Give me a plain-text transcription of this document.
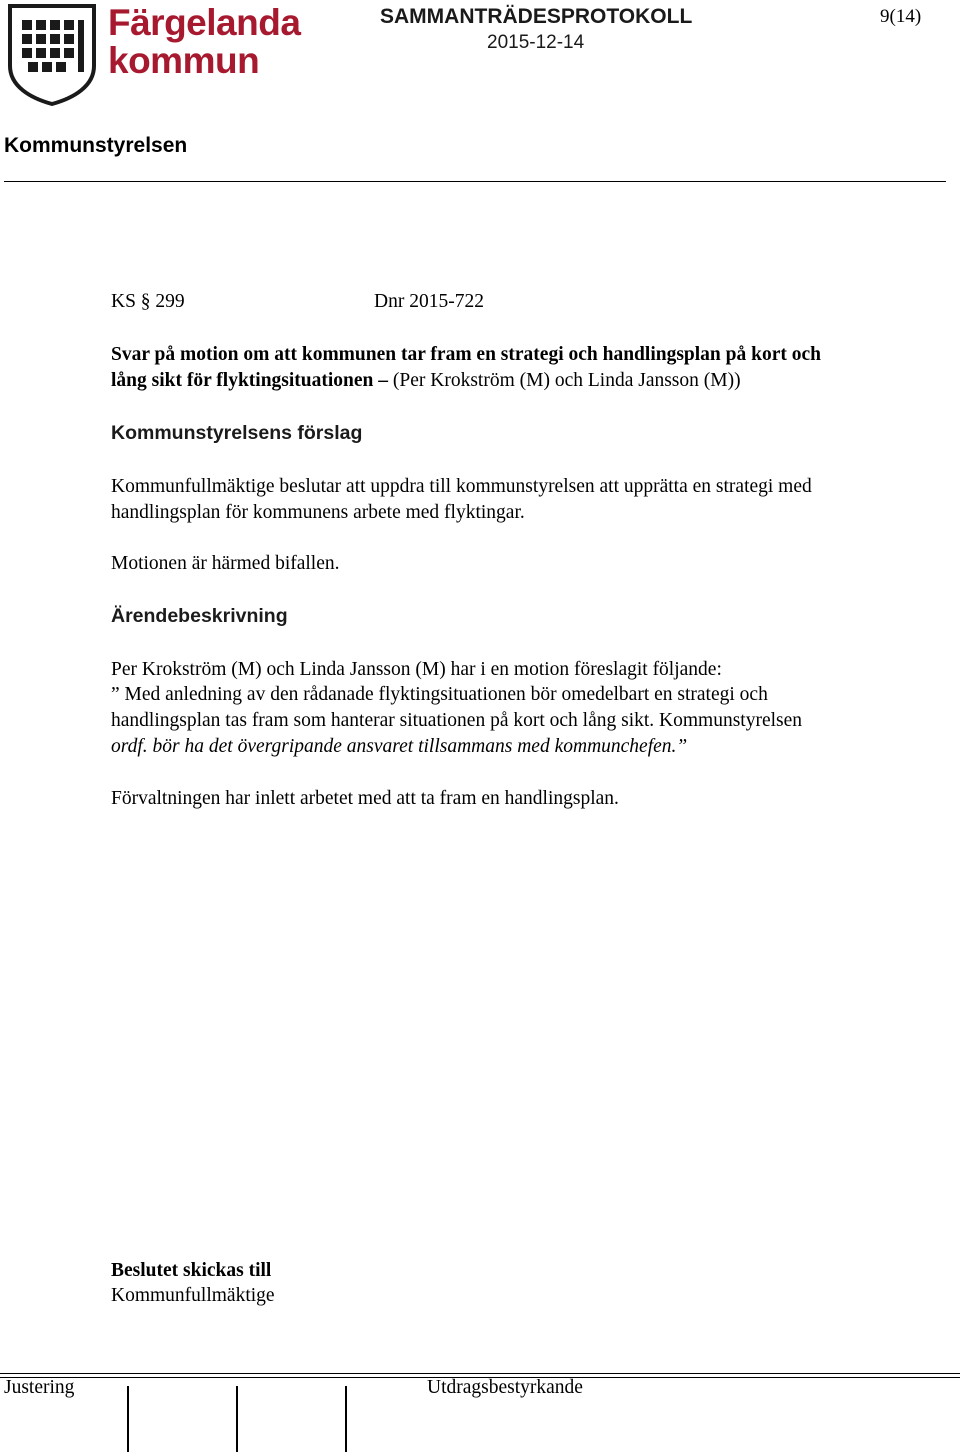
Färgelanda
kommun
SAMMANTRÄDESPROTOKOLL
2015-12-14
9(14)
Kommunstyrelsen
KS § 299	Dnr 2015-722
Svar på motion om att kommunen tar fram en strategi och handlingsplan på kort och
lång sikt för flyktingsituationen – (Per Krokström (M) och Linda Jansson (M))
Kommunstyrelsens förslag
Kommunfullmäktige beslutar att uppdra till kommunstyrelsen att upprätta en strategi med
handlingsplan för kommunens arbete med flyktingar.
Motionen är härmed bifallen.
Ärendebeskrivning
Per Krokström (M) och Linda Jansson (M) har i en motion föreslagit följande:
” Med anledning av den rådanade flyktingsituationen bör omedelbart en strategi och
handlingsplan tas fram som hanterar situationen på kort och lång sikt. Kommunstyrelsen
ordf. bör ha det övergripande ansvaret tillsammans med kommunchefen.”
Förvaltningen har inlett arbetet med att ta fram en handlingsplan.
Beslutet skickas till
Kommunfullmäktige
Justering	Utdragsbestyrkande
